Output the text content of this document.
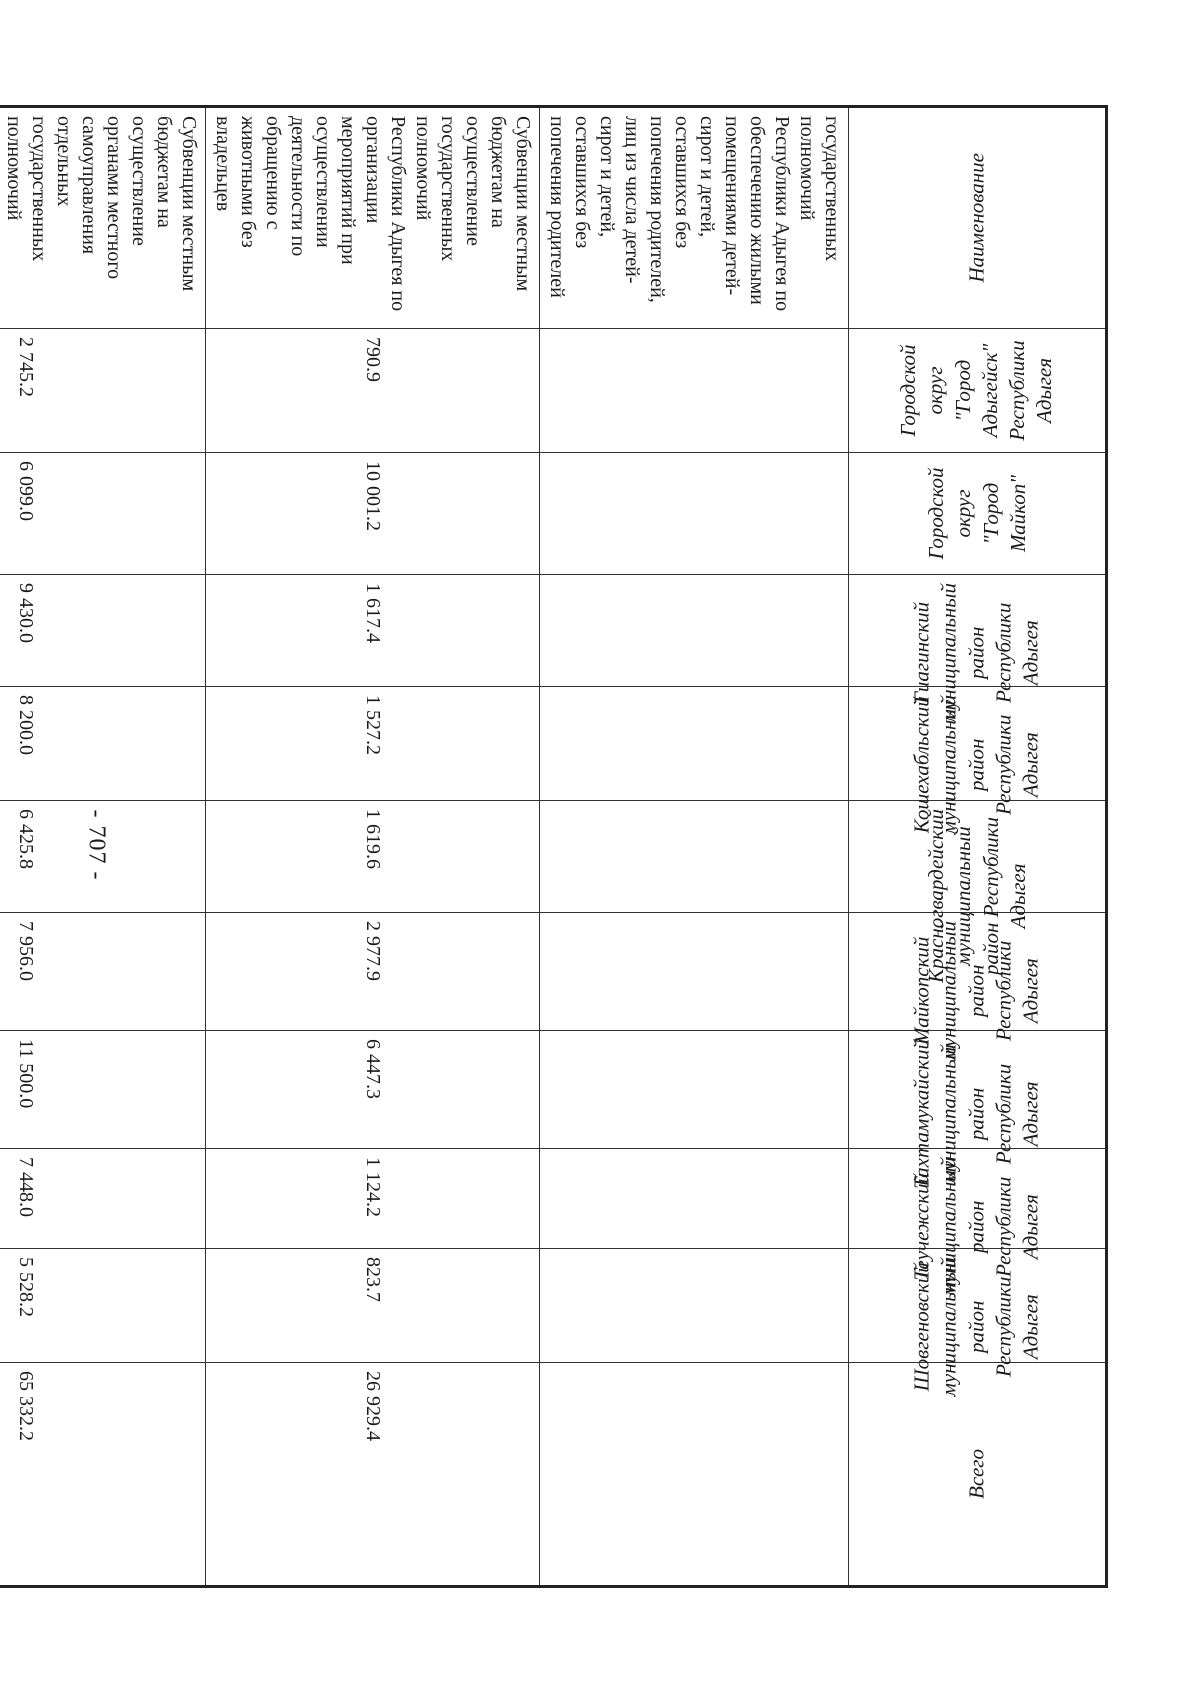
- 707 -
Наименование	Городской округ "Город Адыгейск" Республики Адыгея	Городской округ "Город Майкоп"	Гиагинский муниципальный район Республики Адыгея	Кошехабльский муниципальный район Республики Адыгея	Красногвардейский муниципальный район Республики Адыгея	Майкопский муниципальный район Республики Адыгея	Тахтамукайский муниципальный район Республики Адыгея	Теучежский муниципальный район Республики Адыгея	Шовгеновский муниципальный район Республики Адыгея	Всего
государственных полномочий Республики Адыгея по обеспечению жилыми помещениями детей-сирот и детей, оставшихся без попечения родителей, лиц из числа детей-сирот и детей, оставшихся без попечения родителей										
Субвенции местным бюджетам на осуществление государственных полномочий Республики Адыгея по организации мероприятий при осуществлении деятельности по обращению с животными без владельцев	790.9	10 001.2	1 617.4	1 527.2	1 619.6	2 977.9	6 447.3	1 124.2	823.7	26 929.4
Субвенции местным бюджетам на осуществление органами местного самоуправления отдельных государственных полномочий	2 745.2	6 099.0	9 430.0	8 200.0	6 425.8	7 956.0	11 500.0	7 448.0	5 528.2	65 332.2
